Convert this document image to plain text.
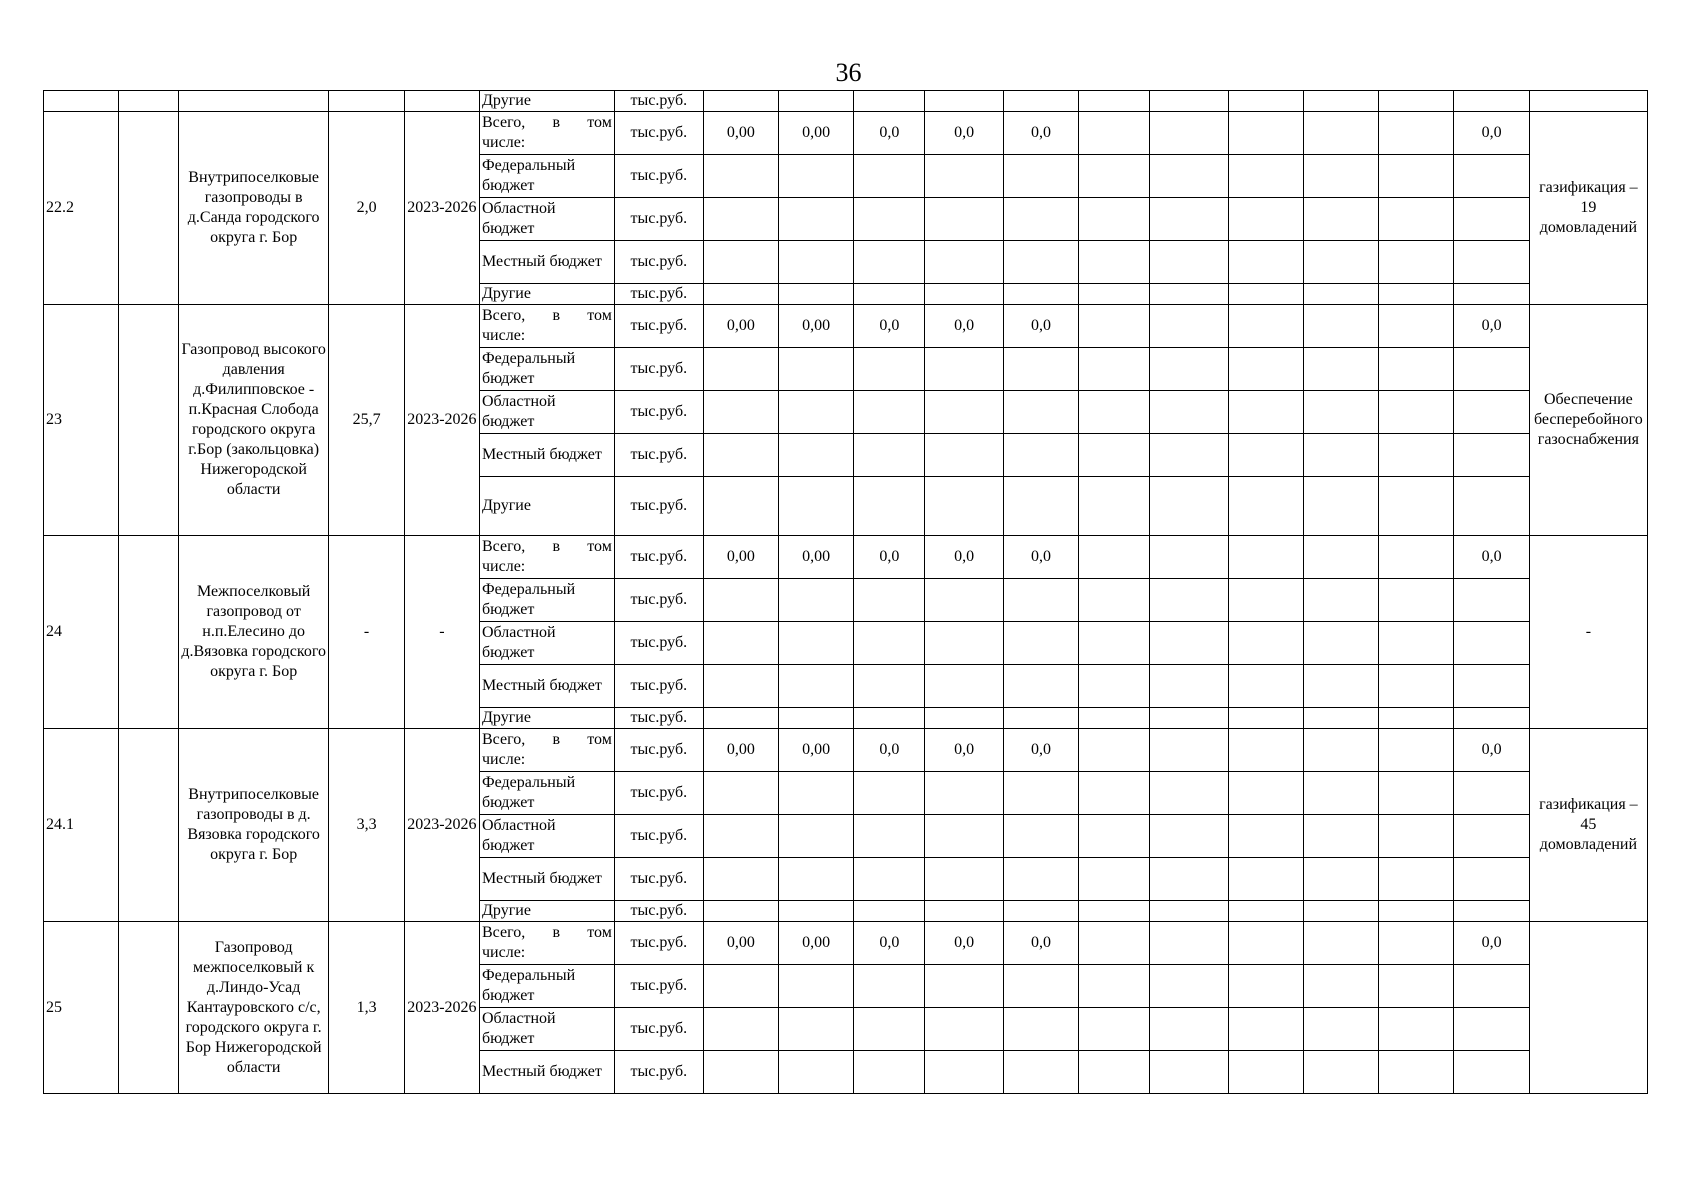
36
					Другие	тыс.руб.												
22.2		Внутрипоселковые газопроводы в д.Санда городского округа г. Бор	2,0	2023-2026	Всего, в том числе:	тыс.руб.	0,00	0,00	0,0	0,0	0,0						0,0	газификация – 19 домовладений
					Федеральный бюджет	тыс.руб.												
					Областной бюджет	тыс.руб.												
					Местный бюджет	тыс.руб.												
					Другие	тыс.руб.												
23		Газопровод высокого давления д.Филипповское - п.Красная Слобода городского округа г.Бор (закольцовка) Нижегородской области	25,7	2023-2026	Всего, в том числе:	тыс.руб.	0,00	0,00	0,0	0,0	0,0						0,0	Обеспечение бесперебойного газоснабжения
					Федеральный бюджет	тыс.руб.												
					Областной бюджет	тыс.руб.												
					Местный бюджет	тыс.руб.												
					Другие	тыс.руб.												
24		Межпоселковый газопровод от н.п.Елесино до д.Вязовка городского округа г. Бор	-	-	Всего, в том числе:	тыс.руб.	0,00	0,00	0,0	0,0	0,0						0,0	-
					Федеральный бюджет	тыс.руб.												
					Областной бюджет	тыс.руб.												
					Местный бюджет	тыс.руб.												
					Другие	тыс.руб.												
24.1		Внутрипоселковые газопроводы в д. Вязовка городского округа г. Бор	3,3	2023-2026	Всего, в том числе:	тыс.руб.	0,00	0,00	0,0	0,0	0,0						0,0	газификация – 45 домовладений
					Федеральный бюджет	тыс.руб.												
					Областной бюджет	тыс.руб.												
					Местный бюджет	тыс.руб.												
					Другие	тыс.руб.												
25		Газопровод межпоселковый к д.Линдо-Усад Кантауровского с/с, городского округа г. Бор Нижегородской области	1,3	2023-2026	Всего, в том числе:	тыс.руб.	0,00	0,00	0,0	0,0	0,0						0,0	
					Федеральный бюджет	тыс.руб.												
					Областной бюджет	тыс.руб.												
					Местный бюджет	тыс.руб.												
